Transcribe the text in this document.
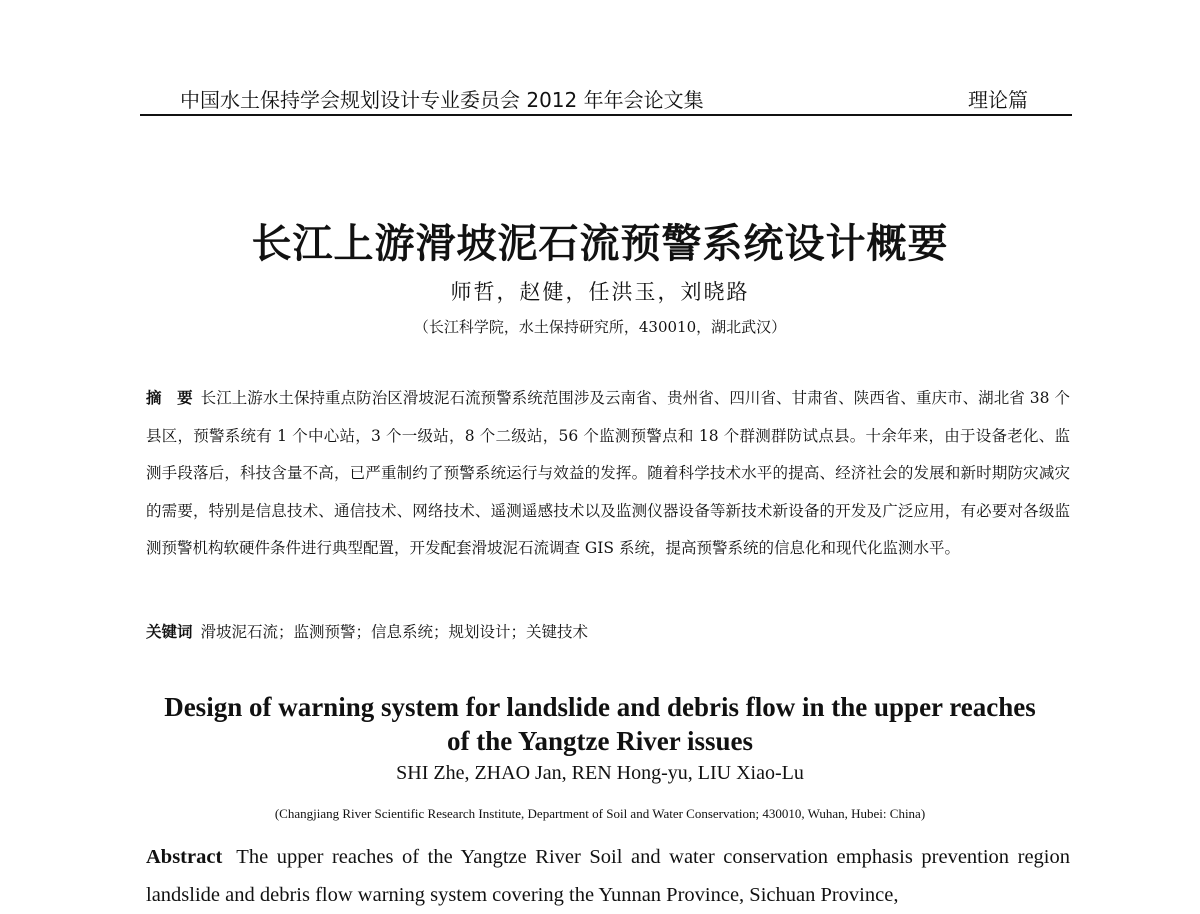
中国水土保持学会规划设计专业委员会 2012 年年会论文集	理论篇
长江上游滑坡泥石流预警系统设计概要
师哲，赵健，任洪玉，刘晓路
（长江科学院，水土保持研究所，430010，湖北武汉）

摘　要 长江上游水土保持重点防治区滑坡泥石流预警系统范围涉及云南省、贵州省、四川省、甘肃省、陕西省、重庆市、湖北省 38 个县区，预警系统有 1 个中心站，3 个一级站，8 个二级站，56 个监测预警点和 18 个群测群防试点县。十余年来，由于设备老化、监测手段落后，科技含量不高，已严重制约了预警系统运行与效益的发挥。随着科学技术水平的提高、经济社会的发展和新时期防灾减灾的需要，特别是信息技术、通信技术、网络技术、遥测遥感技术以及监测仪器设备等新技术新设备的开发及广泛应用，有必要对各级监测预警机构软硬件条件进行典型配置，开发配套滑坡泥石流调查 GIS 系统，提高预警系统的信息化和现代化监测水平。

关键词 滑坡泥石流；监测预警；信息系统；规划设计；关键技术

Design of warning system for landslide and debris flow in the upper reaches
of the Yangtze River issues
SHI Zhe, ZHAO Jan, REN Hong-yu, LIU Xiao-Lu
(Changjiang River Scientific Research Institute, Department of Soil and Water Conservation; 430010, Wuhan, Hubei: China)

Abstract The upper reaches of the Yangtze River Soil and water conservation emphasis prevention region landslide and debris flow warning system covering the Yunnan Province, Sichuan Province,
